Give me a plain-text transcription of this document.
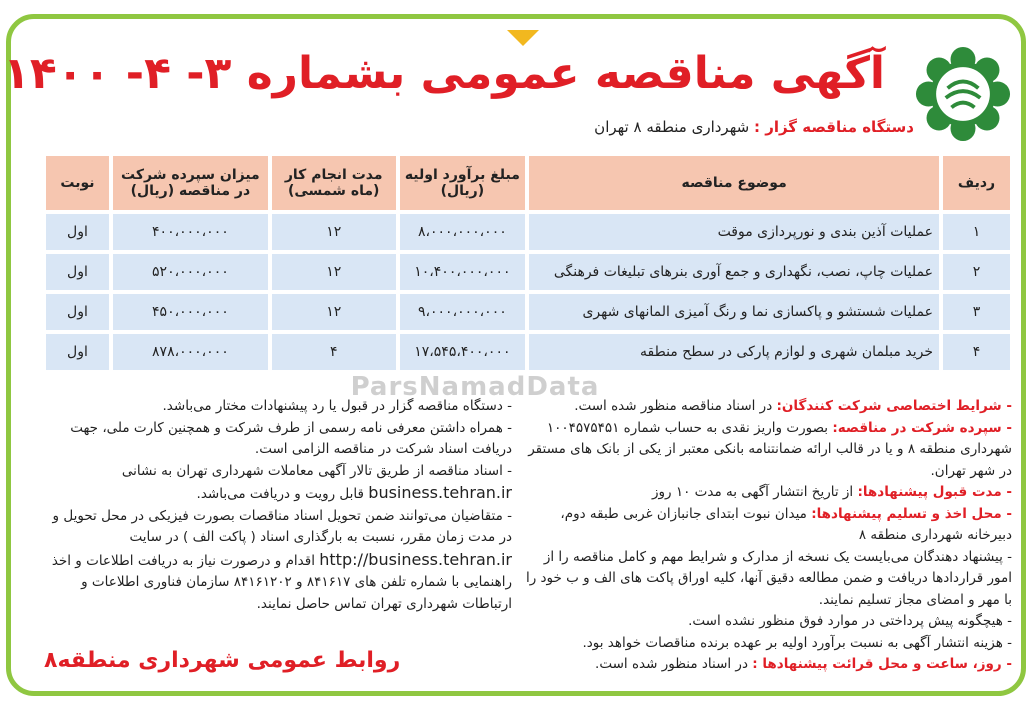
آگهی مناقصه عمومی بشماره ۳- ۴- ۱۴۰۰
دستگاه مناقصه گزار : شهرداری منطقه ۸ تهران
ردیف	موضوع مناقصه	مبلغ برآورد اولیه (ریال)	مدت انجام کار (ماه شمسی)	میزان سپرده شرکت در مناقصه (ریال)	نوبت
۱	عملیات آذین بندی و نورپردازی موقت	۸،۰۰۰،۰۰۰،۰۰۰	۱۲	۴۰۰،۰۰۰،۰۰۰	اول
۲	عملیات چاپ، نصب، نگهداری و جمع آوری بنرهای تبلیغات فرهنگی	۱۰،۴۰۰،۰۰۰،۰۰۰	۱۲	۵۲۰،۰۰۰،۰۰۰	اول
۳	عملیات شستشو و پاکسازی نما و رنگ آمیزی المانهای شهری	۹،۰۰۰،۰۰۰،۰۰۰	۱۲	۴۵۰،۰۰۰،۰۰۰	اول
۴	خرید مبلمان شهری و لوازم پارکی در سطح منطقه	۱۷،۵۴۵،۴۰۰،۰۰۰	۴	۸۷۸،۰۰۰،۰۰۰	اول
ParsNamadData

- شرایط اختصاصی شرکت کنندگان: در اسناد مناقصه منظور شده است.

- سپرده شرکت در مناقصه: بصورت واریز نقدی به حساب شماره ۱۰۰۴۵۷۵۴۵۱ شهرداری منطقه ۸ و یا در قالب ارائه ضمانتنامه بانکی معتبر از یکی از بانک های مستقر در شهر تهران.

- مدت قبول پیشنهادها: از تاریخ انتشار آگهی به مدت ۱۰ روز

- محل اخذ و تسلیم پیشنهادها: میدان نبوت ابتدای جانبازان غربی طبقه دوم، دبیرخانه شهرداری منطقه ۸

- پیشنهاد دهندگان می‌بایست یک نسخه از مدارک و شرایط مهم و کامل مناقصه را از امور قراردادها دریافت و ضمن مطالعه دقیق آنها، کلیه اوراق پاکت های الف و ب خود را با مهر و امضای مجاز تسلیم نمایند.

- هیچگونه پیش پرداختی در موارد فوق منظور نشده است.

- هزینه انتشار آگهی به نسبت برآورد اولیه بر عهده برنده مناقصات خواهد بود.

- روز، ساعت و محل قرائت پیشنهادها : در اسناد منظور شده است.

- دستگاه مناقصه گزار در قبول یا رد پیشنهادات مختار می‌باشد.

- همراه داشتن معرفی نامه رسمی از طرف شرکت و همچنین کارت ملی، جهت دریافت اسناد شرکت در مناقصه الزامی است.

- اسناد مناقصه از طریق تالار آگهی معاملات شهرداری تهران به نشانی business.tehran.ir قابل رویت و دریافت می‌باشد.

- متقاضیان می‌توانند ضمن تحویل اسناد مناقصات بصورت فیزیکی در محل تحویل و در مدت زمان مقرر، نسبت به بارگذاری اسناد ( پاکت الف ) در سایت http://business.tehran.ir اقدام و درصورت نیاز به دریافت اطلاعات و اخذ راهنمایی با شماره تلفن های ۸۴۱۶۱۷ و ۸۴۱۶۱۲۰۲ سازمان فناوری اطلاعات و ارتباطات شهرداری تهران تماس حاصل نمایند.

روابط عمومی شهرداری منطقه۸
